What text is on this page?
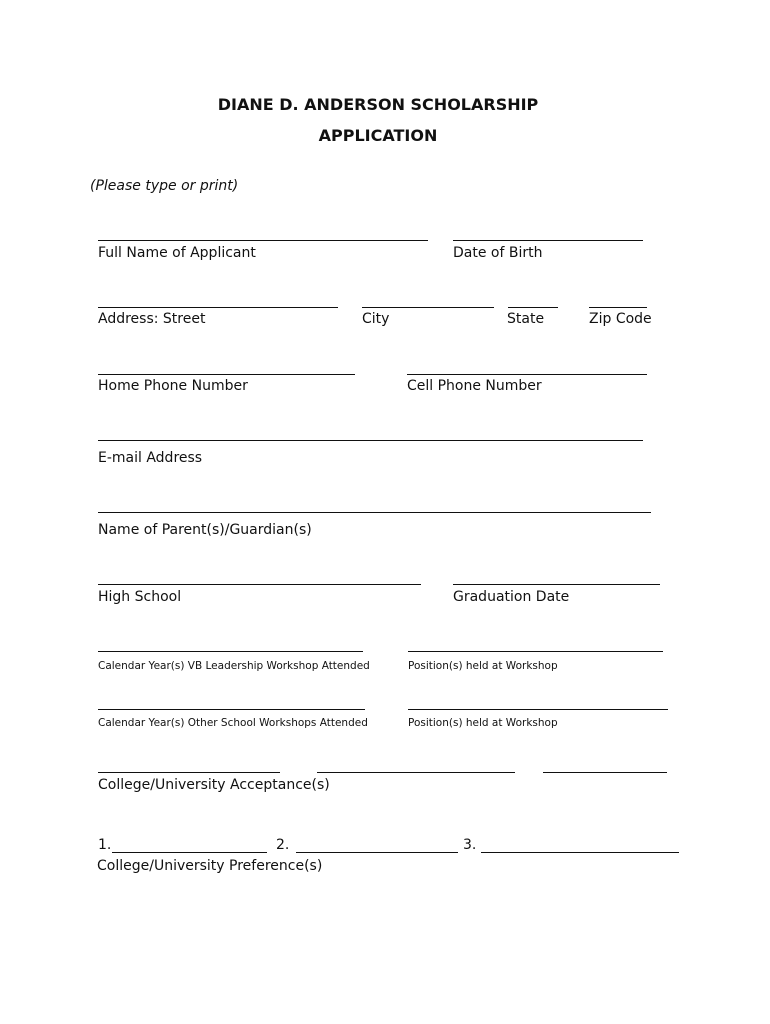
DIANE D. ANDERSON SCHOLARSHIP
APPLICATION
(Please type or print)
Full Name of Applicant	Date of Birth
Address: Street	City	State	Zip Code
Home Phone Number	Cell Phone Number
E-mail Address
Name of Parent(s)/Guardian(s)
High School	Graduation Date
Calendar Year(s) VB Leadership Workshop Attended	Position(s) held at Workshop
Calendar Year(s) Other School Workshops Attended	Position(s) held at Workshop
College/University Acceptance(s)
1.	2.	3.
College/University Preference(s)
